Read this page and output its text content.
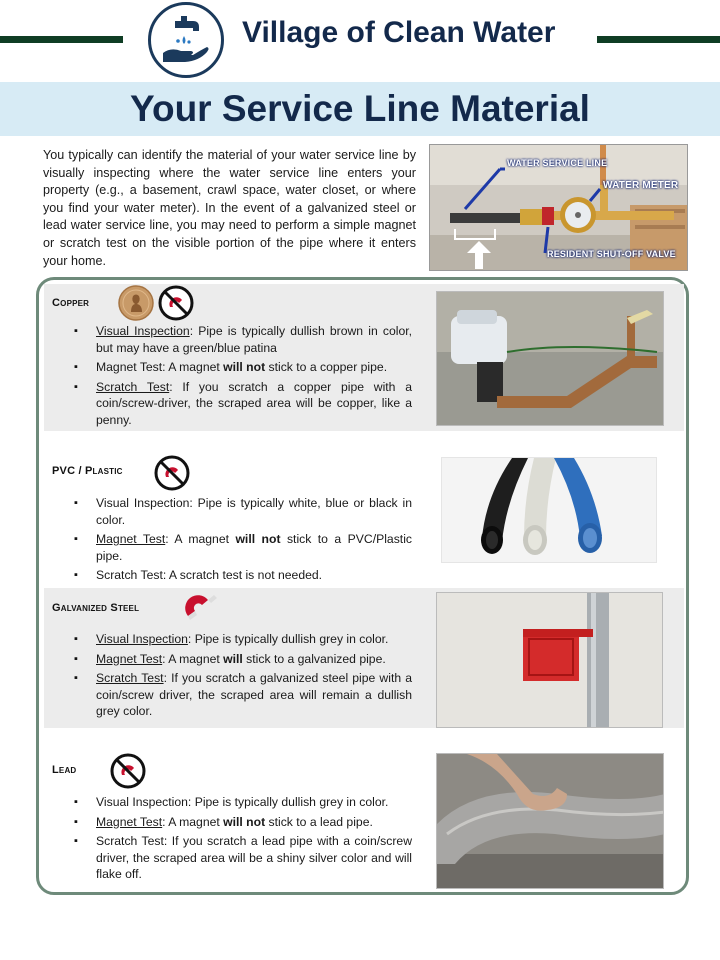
Village of Clean Water
Your Service Line Material

You typically can identify the material of your water service line by visually inspecting where the water service line enters your property (e.g., a basement, crawl space, water closet, or where you find your water meter). In the event of a galvanized steel or lead water service line, you may need to perform a simple magnet or scratch test on the visible portion of the pipe where it enters your home.

WATER SERVICE LINE
WATER METER
RESIDENT SHUT-OFF VALVE
Copper
▪ Visual Inspection: Pipe is typically dullish brown in color, but may have a green/blue patina
▪ Magnet Test: A magnet will not stick to a copper pipe.
▪ Scratch Test: If you scratch a copper pipe with a coin/screw-driver, the scraped area will be copper, like a penny.
PVC / Plastic
▪ Visual Inspection: Pipe is typically white, blue or black in color.
▪ Magnet Test: A magnet will not stick to a PVC/Plastic pipe.
▪ Scratch Test: A scratch test is not needed.
Galvanized Steel
▪ Visual Inspection: Pipe is typically dullish grey in color.
▪ Magnet Test: A magnet will stick to a galvanized pipe.
▪ Scratch Test: If you scratch a galvanized steel pipe with a coin/screw driver, the scraped area will remain a dullish grey color.
Lead
▪ Visual Inspection: Pipe is typically dullish grey in color.
▪ Magnet Test: A magnet will not stick to a lead pipe.
▪ Scratch Test: If you scratch a lead pipe with a coin/screw driver, the scraped area will be a shiny silver color and will flake off.
